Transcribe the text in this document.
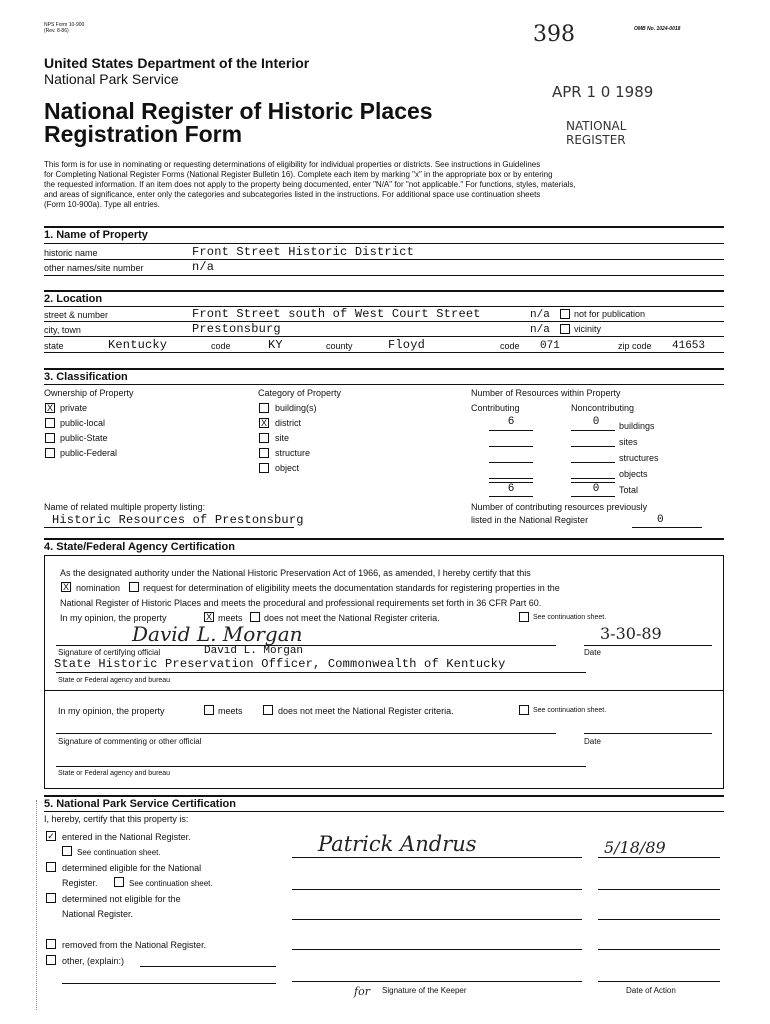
NPS Form 10-900
(Rev. 8-86)	398	OMB No. 1024-0018
United States Department of the Interior
National Park Service
National Register of Historic Places
Registration Form
APR 1 0 1989
NATIONAL
REGISTER
This form is for use in nominating or requesting determinations of eligibility for individual properties or districts. See instructions in Guidelines
for Completing National Register Forms (National Register Bulletin 16). Complete each item by marking "x" in the appropriate box or by entering
the requested information. If an item does not apply to the property being documented, enter "N/A" for "not applicable." For functions, styles, materials,
and areas of significance, enter only the categories and subcategories listed in the instructions. For additional space use continuation sheets
(Form 10-900a). Type all entries.
1. Name of Property
historic name	Front Street Historic District
other names/site number	n/a
2. Location
street & number	Front Street south of West Court Street	n/a	not for publication
city, town	Prestonsburg	n/a	vicinity
state	Kentucky	code	KY	county	Floyd	code 071	zip code 41653
3. Classification
Ownership of Property
X private
public-local
public-State
public-Federal
Category of Property
building(s)
X district
site
structure
object
Number of Resources within Property
Contributing	Noncontributing
6	0	buildings
sites
structures
objects
6	0	Total
Name of related multiple property listing:
Historic Resources of Prestonsburg
Number of contributing resources previously
listed in the National Register	0
4. State/Federal Agency Certification
As the designated authority under the National Historic Preservation Act of 1966, as amended, I hereby certify that this
X nomination	request for determination of eligibility meets the documentation standards for registering properties in the
National Register of Historic Places and meets the procedural and professional requirements set forth in 36 CFR Part 60.
In my opinion, the property	X meets does not meet the National Register criteria.	See continuation sheet.
David L. Morgan	3-30-89
Signature of certifying official	David L. Morgan	Date
State Historic Preservation Officer, Commonwealth of Kentucky
State or Federal agency and bureau
In my opinion, the property	meets	does not meet the National Register criteria.	See continuation sheet.
Signature of commenting or other official	Date
State or Federal agency and bureau
5. National Park Service Certification
I, hereby, certify that this property is:
✓ entered in the National Register.
See continuation sheet.
determined eligible for the National
Register.	See continuation sheet.
determined not eligible for the
National Register.
removed from the National Register.
other, (explain:)
Patrick Andrus	5/18/89
for Signature of the Keeper	Date of Action
